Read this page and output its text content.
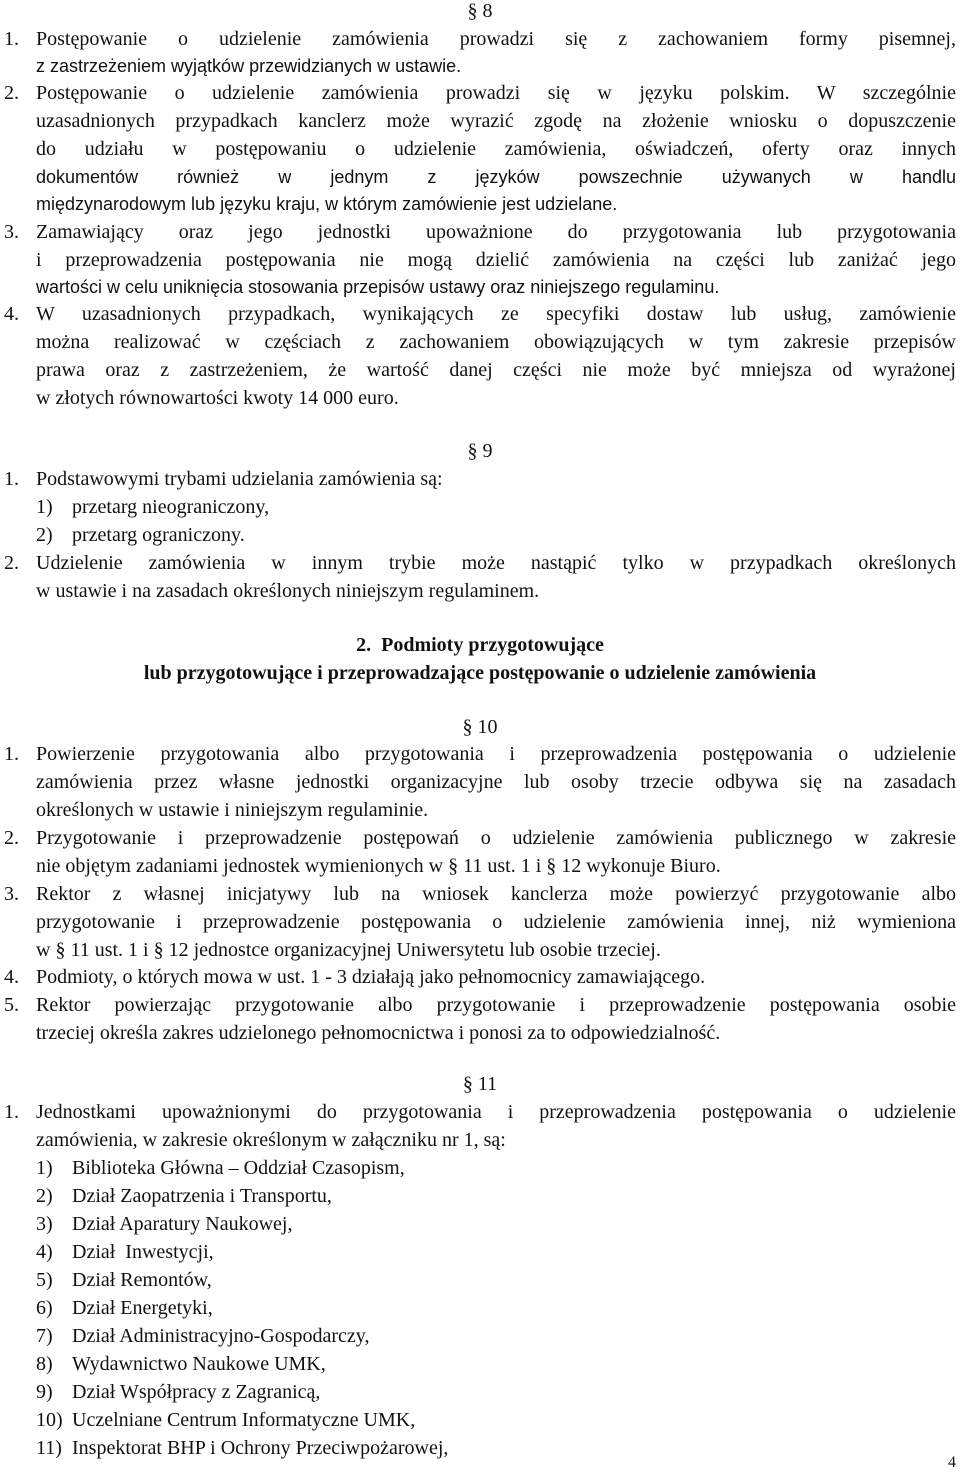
§ 8
1. Postępowanie o udzielenie zamówienia prowadzi się z zachowaniem formy pisemnej,
z zastrzeżeniem wyjątków przewidzianych w ustawie.
2. Postępowanie o udzielenie zamówienia prowadzi się w języku polskim. W szczególnie
uzasadnionych przypadkach kanclerz może wyrazić zgodę na złożenie wniosku o dopuszczenie
do udziału w postępowaniu o udzielenie zamówienia, oświadczeń, oferty oraz innych
dokumentów również w jednym z języków powszechnie używanych w handlu
międzynarodowym lub języku kraju, w którym zamówienie jest udzielane.
3. Zamawiający oraz jego jednostki upoważnione do przygotowania lub przygotowania
i przeprowadzenia postępowania nie mogą dzielić zamówienia na części lub zaniżać jego
wartości w celu uniknięcia stosowania przepisów ustawy oraz niniejszego regulaminu.
4. W uzasadnionych przypadkach, wynikających ze specyfiki dostaw lub usług, zamówienie
można realizować w częściach z zachowaniem obowiązujących w tym zakresie przepisów
prawa oraz z zastrzeżeniem, że wartość danej części nie może być mniejsza od wyrażonej
w złotych równowartości kwoty 14 000 euro.
§ 9
1. Podstawowymi trybami udzielania zamówienia są:
1) przetarg nieograniczony,
2) przetarg ograniczony.
2. Udzielenie zamówienia w innym trybie może nastąpić tylko w przypadkach określonych
w ustawie i na zasadach określonych niniejszym regulaminem.
2. Podmioty przygotowujące
lub przygotowujące i przeprowadzające postępowanie o udzielenie zamówienia
§ 10
1. Powierzenie przygotowania albo przygotowania i przeprowadzenia postępowania o udzielenie
zamówienia przez własne jednostki organizacyjne lub osoby trzecie odbywa się na zasadach
określonych w ustawie i niniejszym regulaminie.
2. Przygotowanie i przeprowadzenie postępowań o udzielenie zamówienia publicznego w zakresie
nie objętym zadaniami jednostek wymienionych w § 11 ust. 1 i § 12 wykonuje Biuro.
3. Rektor z własnej inicjatywy lub na wniosek kanclerza może powierzyć przygotowanie albo
przygotowanie i przeprowadzenie postępowania o udzielenie zamówienia innej, niż wymieniona
w § 11 ust. 1 i § 12 jednostce organizacyjnej Uniwersytetu lub osobie trzeciej.
4. Podmioty, o których mowa w ust. 1 - 3 działają jako pełnomocnicy zamawiającego.
5. Rektor powierzając przygotowanie albo przygotowanie i przeprowadzenie postępowania osobie
trzeciej określa zakres udzielonego pełnomocnictwa i ponosi za to odpowiedzialność.
§ 11
1. Jednostkami upoważnionymi do przygotowania i przeprowadzenia postępowania o udzielenie
zamówienia, w zakresie określonym w załączniku nr 1, są:
1) Biblioteka Główna – Oddział Czasopism,
2) Dział Zaopatrzenia i Transportu,
3) Dział Aparatury Naukowej,
4) Dział  Inwestycji,
5) Dział Remontów,
6) Dział Energetyki,
7) Dział Administracyjno-Gospodarczy,
8) Wydawnictwo Naukowe UMK,
9) Dział Współpracy z Zagranicą,
10) Uczelniane Centrum Informatyczne UMK,
11) Inspektorat BHP i Ochrony Przeciwpożarowej,
4
